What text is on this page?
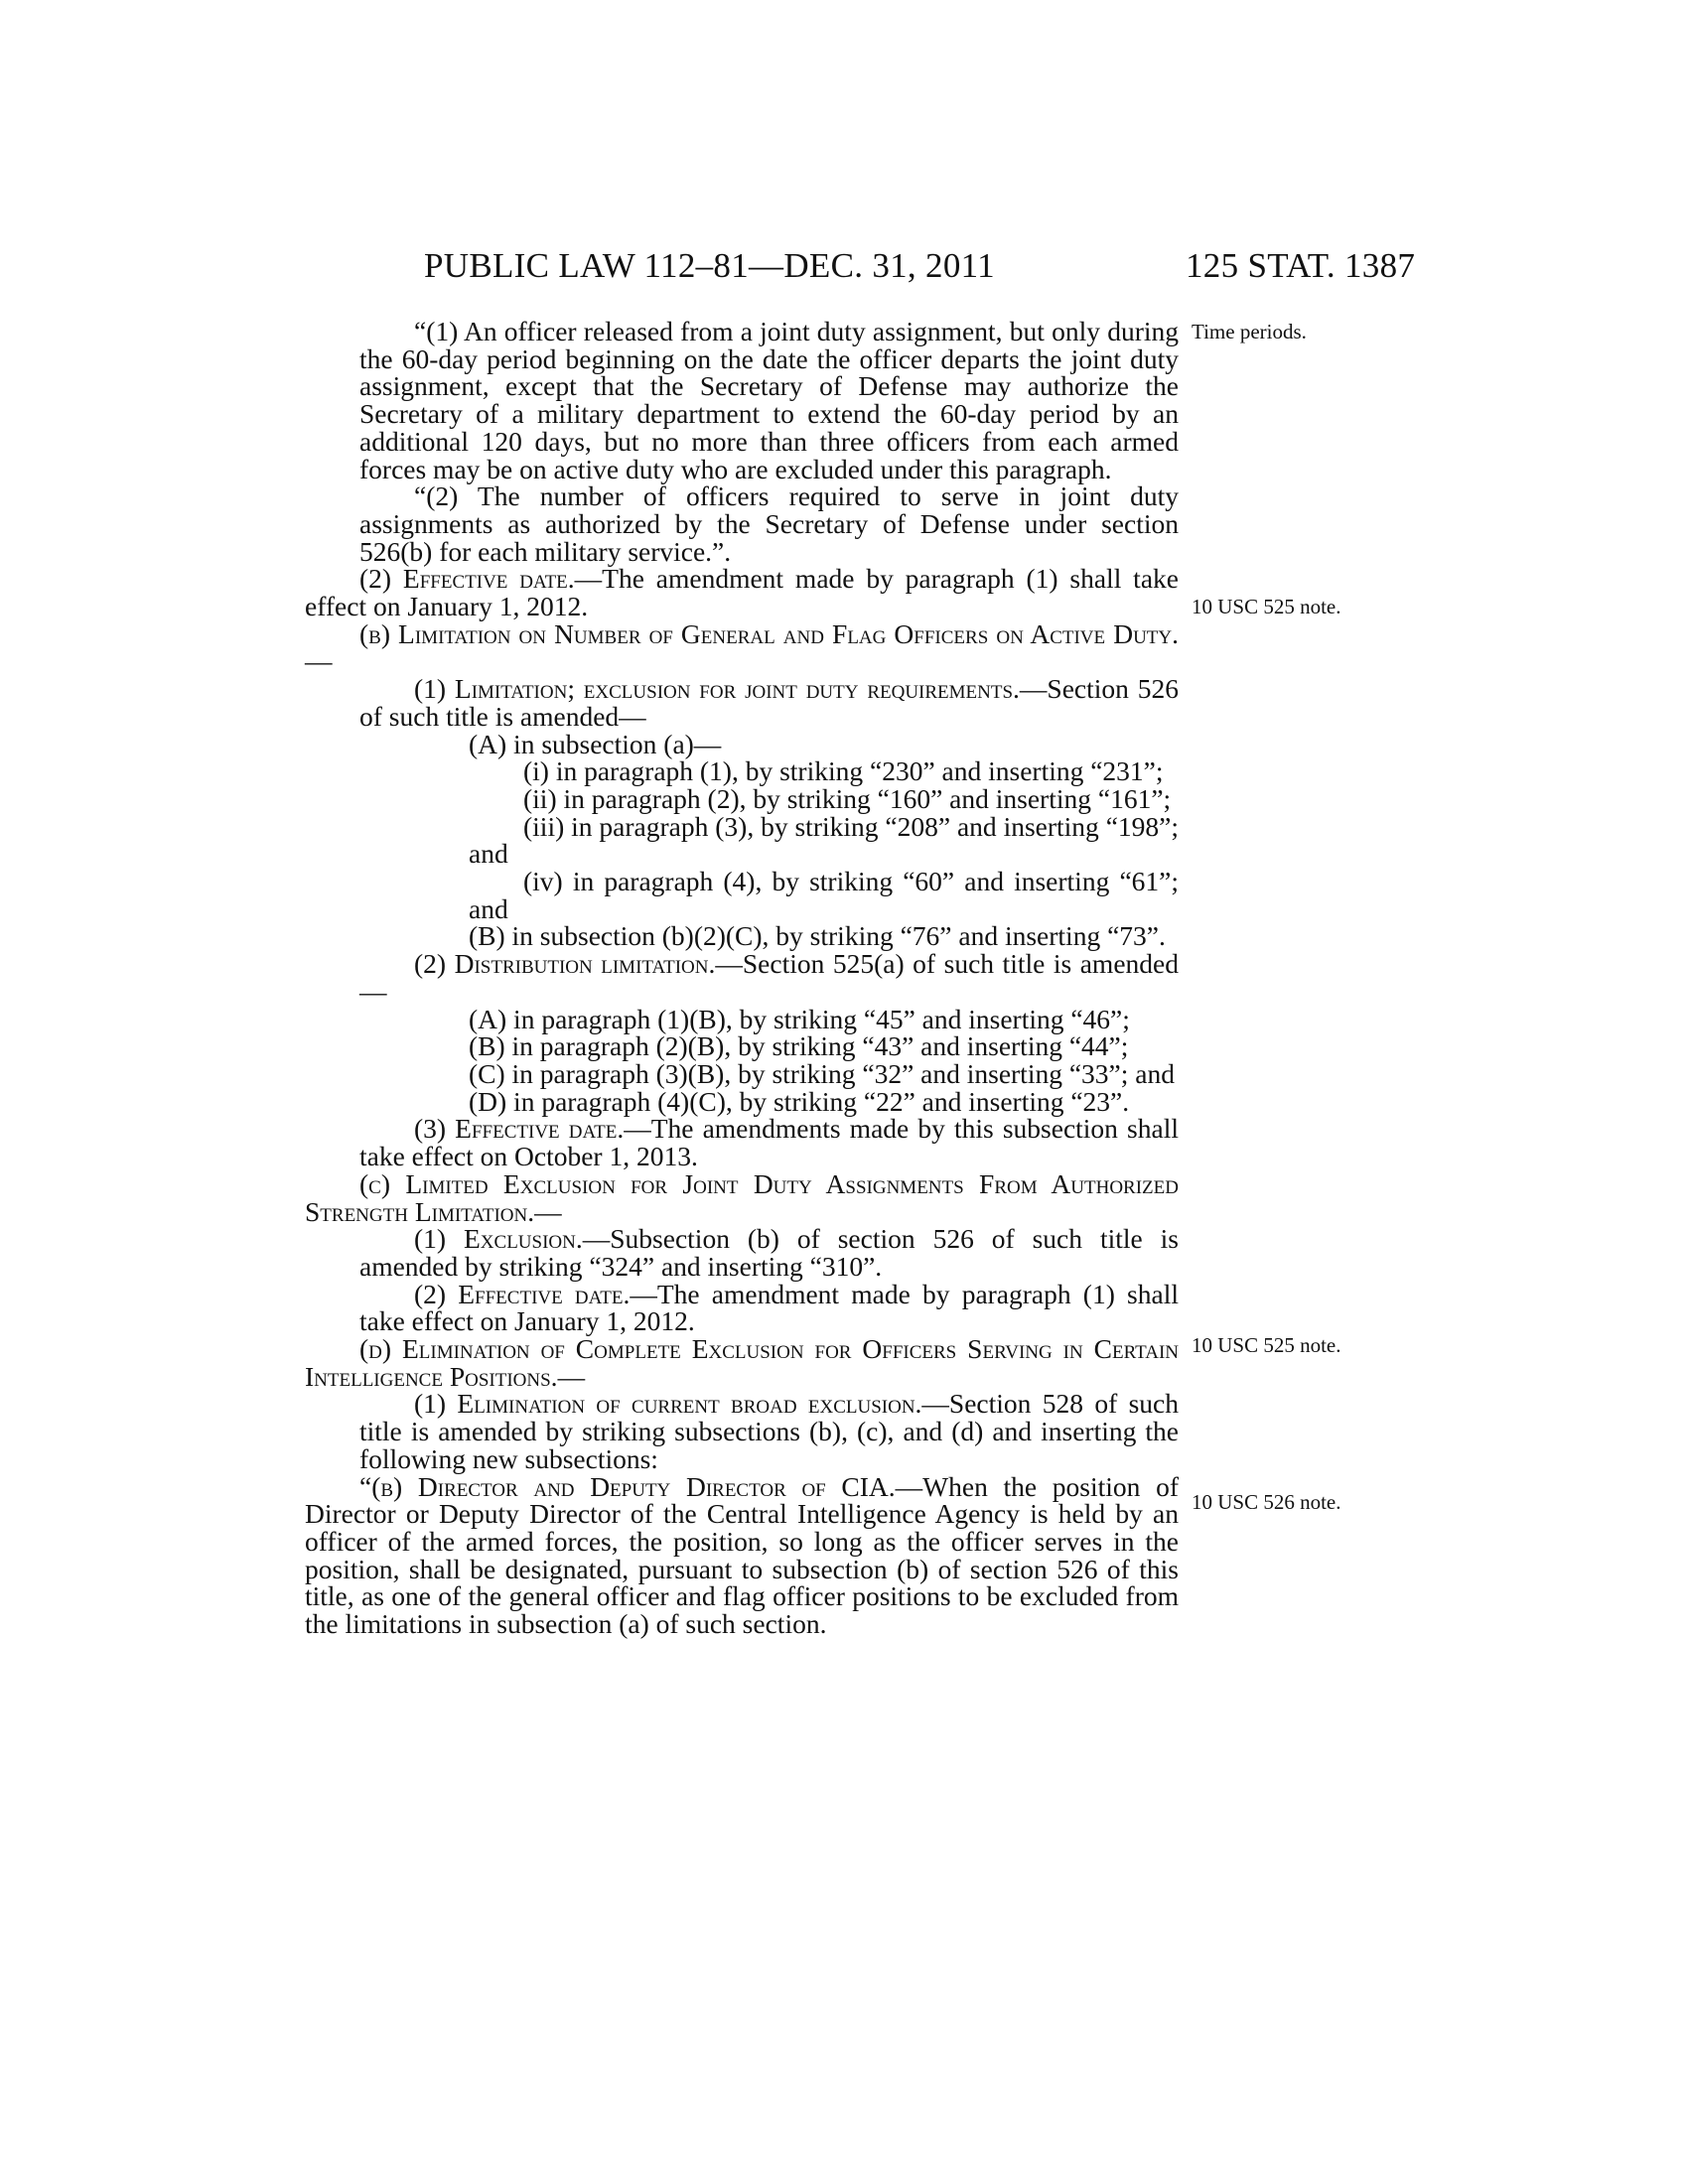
PUBLIC LAW 112–81—DEC. 31, 2011	125 STAT. 1387
Time periods.
10 USC 525 note.
10 USC 525 note.
10 USC 526 note.

“(1) An officer released from a joint duty assignment, but only during the 60-day period beginning on the date the officer departs the joint duty assignment, except that the Secretary of Defense may authorize the Secretary of a military department to extend the 60-day period by an additional 120 days, but no more than three officers from each armed forces may be on active duty who are excluded under this paragraph.

“(2) The number of officers required to serve in joint duty assignments as authorized by the Secretary of Defense under section 526(b) for each military service.”.

(2) Effective date.—The amendment made by paragraph (1) shall take effect on January 1, 2012.

(b) Limitation on Number of General and Flag Officers on Active Duty.—

(1) Limitation; exclusion for joint duty requirements.—Section 526 of such title is amended—

(A) in subsection (a)—

(i) in paragraph (1), by striking “230” and inserting “231”;

(ii) in paragraph (2), by striking “160” and inserting “161”;

(iii) in paragraph (3), by striking “208” and inserting “198”; and

(iv) in paragraph (4), by striking “60” and inserting “61”; and

(B) in subsection (b)(2)(C), by striking “76” and inserting “73”.

(2) Distribution limitation.—Section 525(a) of such title is amended—

(A) in paragraph (1)(B), by striking “45” and inserting “46”;

(B) in paragraph (2)(B), by striking “43” and inserting “44”;

(C) in paragraph (3)(B), by striking “32” and inserting “33”; and

(D) in paragraph (4)(C), by striking “22” and inserting “23”.

(3) Effective date.—The amendments made by this subsection shall take effect on October 1, 2013.

(c) Limited Exclusion for Joint Duty Assignments From Authorized Strength Limitation.—

(1) Exclusion.—Subsection (b) of section 526 of such title is amended by striking “324” and inserting “310”.

(2) Effective date.—The amendment made by paragraph (1) shall take effect on January 1, 2012.

(d) Elimination of Complete Exclusion for Officers Serving in Certain Intelligence Positions.—

(1) Elimination of current broad exclusion.—Section 528 of such title is amended by striking subsections (b), (c), and (d) and inserting the following new subsections:

“(b) Director and Deputy Director of CIA.—When the position of Director or Deputy Director of the Central Intelligence Agency is held by an officer of the armed forces, the position, so long as the officer serves in the position, shall be designated, pursuant to subsection (b) of section 526 of this title, as one of the general officer and flag officer positions to be excluded from the limitations in subsection (a) of such section.
